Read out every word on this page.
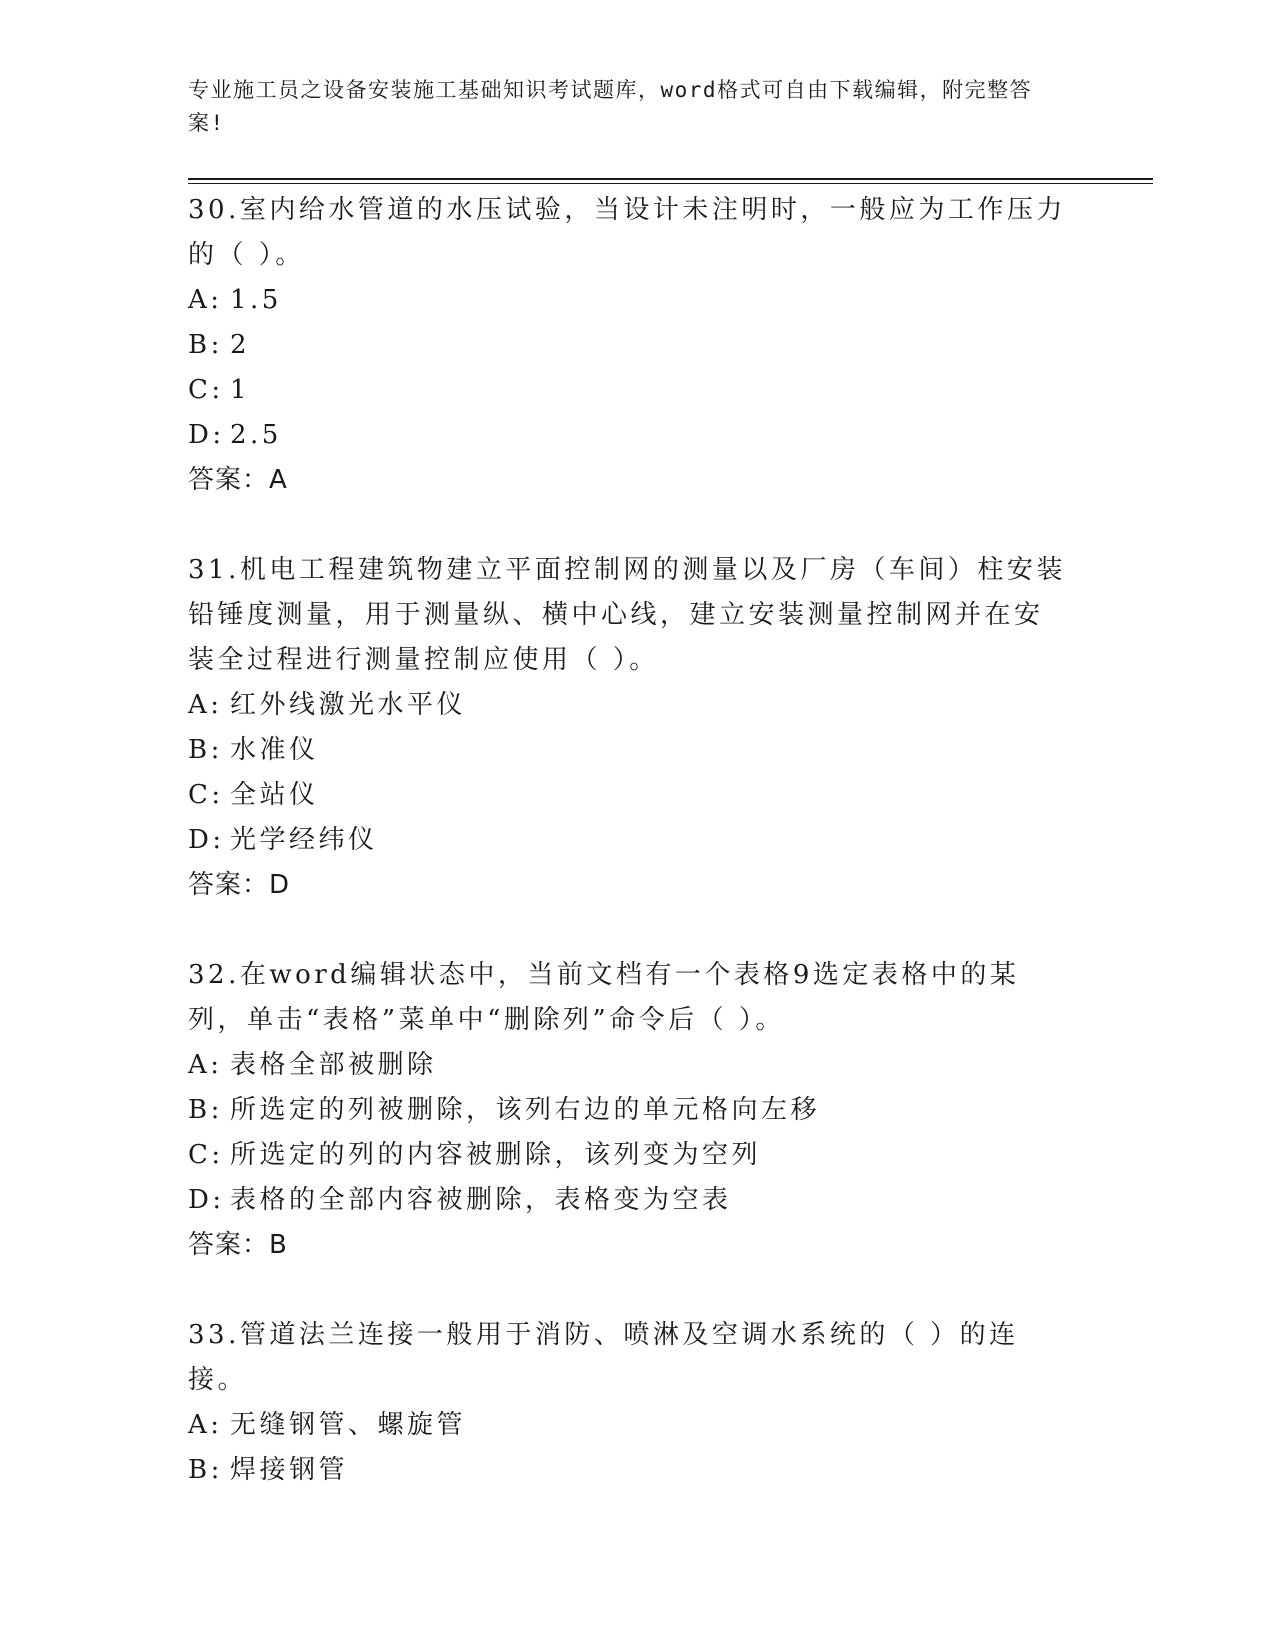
专业施工员之设备安装施工基础知识考试题库，word格式可自由下载编辑，附完整答案!

30.室内给水管道的水压试验，当设计未注明时，一般应为工作压力的（ ）。

A: 1.5

B: 2

C: 1

D: 2.5

答案：A

31.机电工程建筑物建立平面控制网的测量以及厂房（车间）柱安装铅锤度测量，用于测量纵、横中心线，建立安装测量控制网并在安装全过程进行测量控制应使用（ ）。

A: 红外线激光水平仪

B: 水准仪

C: 全站仪

D: 光学经纬仪

答案：D

32.在word编辑状态中，当前文档有一个表格9选定表格中的某列，单击“表格”菜单中“删除列”命令后（ ）。

A: 表格全部被删除

B: 所选定的列被删除，该列右边的单元格向左移

C: 所选定的列的内容被删除，该列变为空列

D: 表格的全部内容被删除，表格变为空表

答案：B

33.管道法兰连接一般用于消防、喷淋及空调水系统的（ ）的连接。

A: 无缝钢管、螺旋管

B: 焊接钢管
